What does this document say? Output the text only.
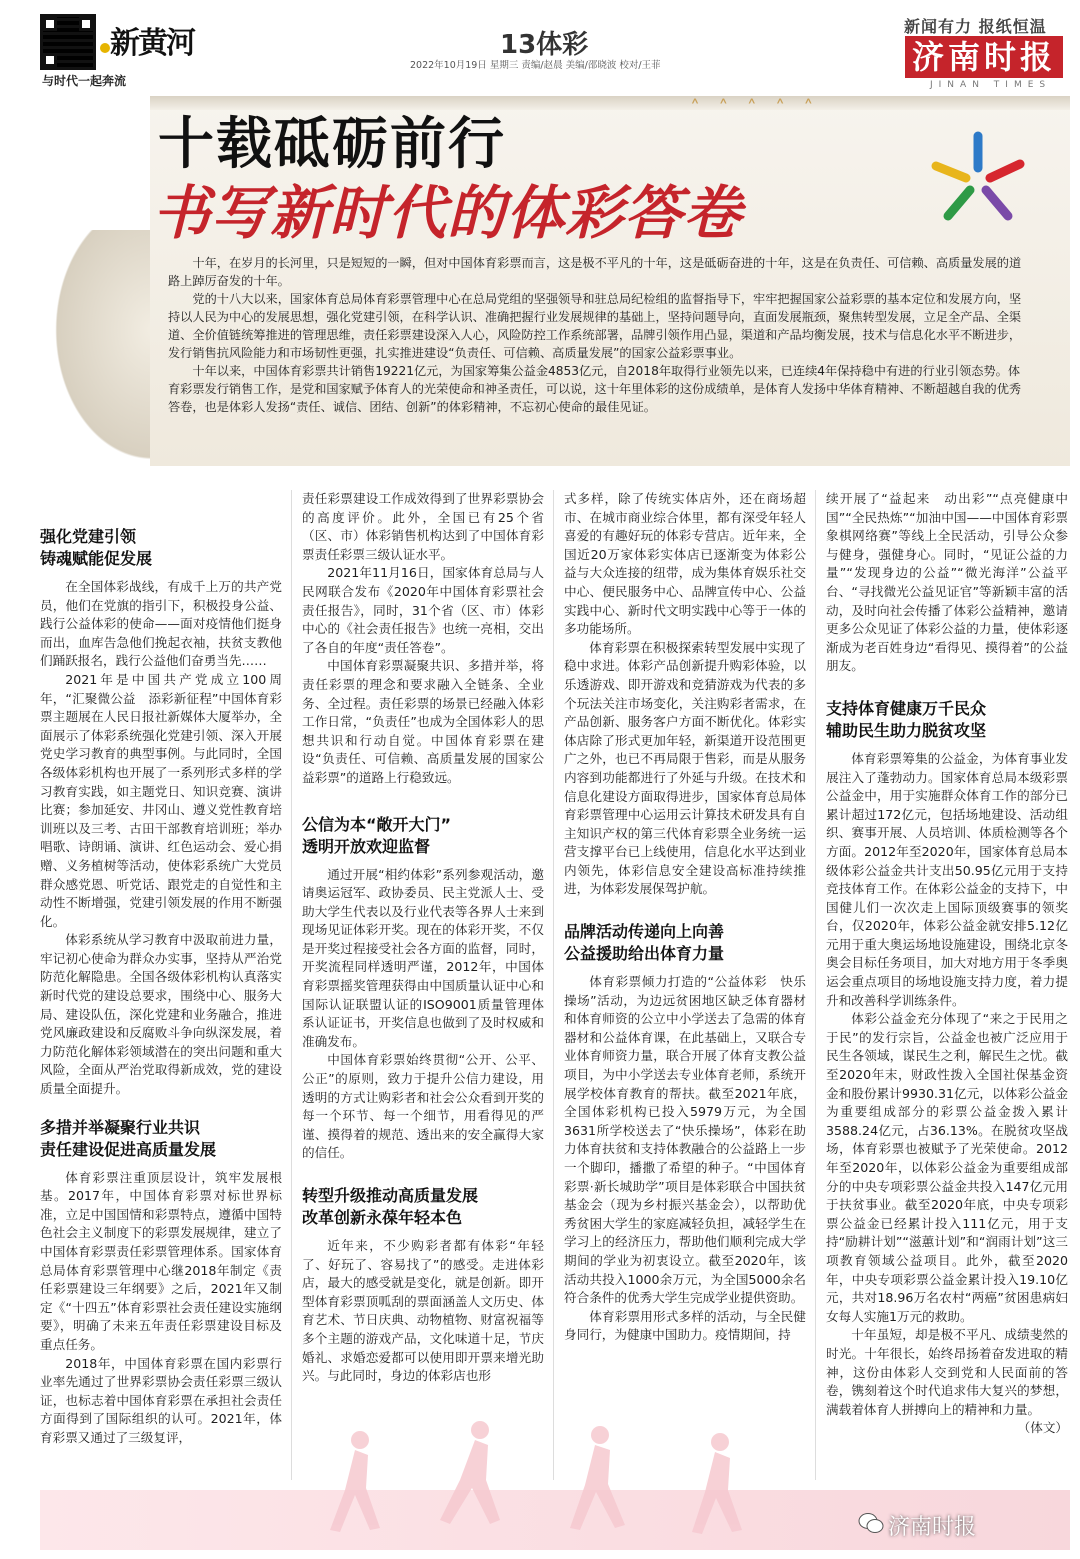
新黄河
与时代一起奔流
13体彩
2022年10月19日 星期三 责编/赵晨 美编/邵晓波 校对/王菲
新闻有力 报纸恒温
济南时报
JINAN TIMES
˄ ˄ ˄ ˄ ˄
十载砥砺前行
书写新时代的体彩答卷

十年，在岁月的长河里，只是短短的一瞬，但对中国体育彩票而言，这是极不平凡的十年，这是砥砺奋进的十年，这是在负责任、可信赖、高质量发展的道路上踔厉奋发的十年。

党的十八大以来，国家体育总局体育彩票管理中心在总局党组的坚强领导和驻总局纪检组的监督指导下，牢牢把握国家公益彩票的基本定位和发展方向，坚持以人民为中心的发展思想，强化党建引领，在科学认识、准确把握行业发展规律的基础上，坚持问题导向，直面发展瓶颈，聚焦转型发展，立足全产品、全渠道、全价值链统筹推进的管理思维，责任彩票建设深入人心，风险防控工作系统部署，品牌引领作用凸显，渠道和产品均衡发展，技术与信息化水平不断进步，发行销售抗风险能力和市场韧性更强，扎实推进建设“负责任、可信赖、高质量发展”的国家公益彩票事业。

十年以来，中国体育彩票共计销售19221亿元，为国家筹集公益金4853亿元，自2018年取得行业领先以来，已连续4年保持稳中有进的行业引领态势。体育彩票发行销售工作，是党和国家赋予体育人的光荣使命和神圣责任，可以说，这十年里体彩的这份成绩单，是体育人发扬中华体育精神、不断超越自我的优秀答卷，也是体彩人发扬“责任、诚信、团结、创新”的体彩精神，不忘初心使命的最佳见证。

强化党建引领
铸魂赋能促发展

在全国体彩战线，有成千上万的共产党员，他们在党旗的指引下，积极投身公益、践行公益体彩的使命——面对疫情他们挺身而出，血库告急他们挽起衣袖，扶贫支教他们踊跃报名，践行公益他们奋勇当先……

2021年是中国共产党成立100周年，“汇聚微公益　添彩新征程”中国体育彩票主题展在人民日报社新媒体大厦举办，全面展示了体彩系统强化党建引领、深入开展党史学习教育的典型事例。与此同时，全国各级体彩机构也开展了一系列形式多样的学习教育实践，如主题党日、知识竞赛、演讲比赛；参加延安、井冈山、遵义党性教育培训班以及三考、古田干部教育培训班；举办唱歌、诗朗诵、演讲、红色运动会、爱心捐赠、义务植树等活动，使体彩系统广大党员群众感党恩、听党话、跟党走的自觉性和主动性不断增强，党建引领发展的作用不断强化。

体彩系统从学习教育中汲取前进力量，牢记初心使命为群众办实事，坚持从严治党防范化解隐患。全国各级体彩机构认真落实新时代党的建设总要求，围绕中心、服务大局、建设队伍，深化党建和业务融合，推进党风廉政建设和反腐败斗争向纵深发展，着力防范化解体彩领域潜在的突出问题和重大风险，全面从严治党取得新成效，党的建设质量全面提升。

多措并举凝聚行业共识
责任建设促进高质量发展

体育彩票注重顶层设计，筑牢发展根基。2017年，中国体育彩票对标世界标准，立足中国国情和彩票特点，遵循中国特色社会主义制度下的彩票发展规律，建立了中国体育彩票责任彩票管理体系。国家体育总局体育彩票管理中心继2018年制定《责任彩票建设三年纲要》之后，2021年又制定《“十四五”体育彩票社会责任建设实施纲要》，明确了未来五年责任彩票建设目标及重点任务。

2018年，中国体育彩票在国内彩票行业率先通过了世界彩票协会责任彩票三级认证，也标志着中国体育彩票在承担社会责任方面得到了国际组织的认可。2021年，体育彩票又通过了三级复评，

责任彩票建设工作成效得到了世界彩票协会的高度评价。此外，全国已有25个省（区、市）体彩销售机构达到了中国体育彩票责任彩票三级认证水平。

2021年11月16日，国家体育总局与人民网联合发布《2020年中国体育彩票社会责任报告》，同时，31个省（区、市）体彩中心的《社会责任报告》也统一亮相，交出了各自的年度“责任答卷”。

中国体育彩票凝聚共识、多措并举，将责任彩票的理念和要求融入全链条、全业务、全过程。责任彩票的场景已经融入体彩工作日常，“负责任”也成为全国体彩人的思想共识和行动自觉。中国体育彩票在建设“负责任、可信赖、高质量发展的国家公益彩票”的道路上行稳致远。

公信为本“敞开大门”
透明开放欢迎监督

通过开展“相约体彩”系列参观活动，邀请奥运冠军、政协委员、民主党派人士、受助大学生代表以及行业代表等各界人士来到现场见证体彩开奖。现在的体彩开奖，不仅是开奖过程接受社会各方面的监督，同时，开奖流程同样透明严谨，2012年，中国体育彩票摇奖管理获得由中国质量认证中心和国际认证联盟认证的ISO9001质量管理体系认证证书，开奖信息也做到了及时权威和准确发布。

中国体育彩票始终贯彻“公开、公平、公正”的原则，致力于提升公信力建设，用透明的方式让购彩者和社会公众看到开奖的每一个环节、每一个细节，用看得见的严谨、摸得着的规范、透出来的安全赢得大家的信任。

转型升级推动高质量发展
改革创新永葆年轻本色

近年来，不少购彩者都有体彩“年轻了、好玩了、容易找了”的感受。走进体彩店，最大的感受就是变化，就是创新。即开型体育彩票顶呱刮的票面涵盖人文历史、体育艺术、节日庆典、动物植物、财富祝福等多个主题的游戏产品，文化味道十足，节庆婚礼、求婚恋爱都可以使用即开票来增光助兴。与此同时，身边的体彩店也形

式多样，除了传统实体店外，还在商场超市、在城市商业综合体里，都有深受年轻人喜爱的有趣好玩的体彩专营店。近年来，全国近20万家体彩实体店已逐渐变为体彩公益与大众连接的纽带，成为集体育娱乐社交中心、便民服务中心、品牌宣传中心、公益实践中心、新时代文明实践中心等于一体的多功能场所。

体育彩票在积极探索转型发展中实现了稳中求进。体彩产品创新提升购彩体验，以乐透游戏、即开游戏和竞猜游戏为代表的多个玩法关注市场变化，关注购彩者需求，在产品创新、服务客户方面不断优化。体彩实体店除了形式更加年轻，新渠道开设范围更广之外，也已不再局限于售彩，而是从服务内容到功能都进行了外延与升级。在技术和信息化建设方面取得进步，国家体育总局体育彩票管理中心运用云计算技术研发具有自主知识产权的第三代体育彩票全业务统一运营支撑平台已上线使用，信息化水平达到业内领先，体彩信息安全建设高标准持续推进，为体彩发展保驾护航。

品牌活动传递向上向善
公益援助给出体育力量

体育彩票倾力打造的“公益体彩　快乐操场”活动，为边远贫困地区缺乏体育器材和体育师资的公立中小学送去了急需的体育器材和公益体育课，在此基础上，又联合专业体育师资力量，联合开展了体育支教公益项目，为中小学送去专业体育老师，系统开展学校体育教育的帮扶。截至2021年底，全国体彩机构已投入5979万元，为全国3631所学校送去了“快乐操场”，体彩在助力体育扶贫和支持体教融合的公益路上一步一个脚印，播撒了希望的种子。“中国体育彩票·新长城助学”项目是体彩联合中国扶贫基金会（现为乡村振兴基金会），以帮助优秀贫困大学生的家庭减轻负担，减轻学生在学习上的经济压力，帮助他们顺利完成大学期间的学业为初衷设立。截至2020年，该活动共投入1000余万元，为全国5000余名符合条件的优秀大学生完成学业提供资助。

体育彩票用形式多样的活动，与全民健身同行，为健康中国助力。疫情期间，持

续开展了“益起来　动出彩”“点亮健康中国”“全民热炼”“加油中国——中国体育彩票象棋网络赛”等线上全民活动，引导公众参与健身，强健身心。同时，“见证公益的力量”“发现身边的公益”“微光海洋”公益平台、“寻找微光公益见证官”等新颖丰富的活动，及时向社会传播了体彩公益精神，邀请更多公众见证了体彩公益的力量，使体彩逐渐成为老百姓身边“看得见、摸得着”的公益朋友。

支持体育健康万千民众
辅助民生助力脱贫攻坚

体育彩票筹集的公益金，为体育事业发展注入了蓬勃动力。国家体育总局本级彩票公益金中，用于实施群众体育工作的部分已累计超过172亿元，包括场地建设、活动组织、赛事开展、人员培训、体质检测等各个方面。2012年至2020年，国家体育总局本级体彩公益金共计支出50.95亿元用于支持竞技体育工作。在体彩公益金的支持下，中国健儿们一次次走上国际顶级赛事的领奖台，仅2020年，体彩公益金就安排5.12亿元用于重大奥运场地设施建设，围绕北京冬奥会目标任务项目，加大对地方用于冬季奥运会重点项目的场地设施支持力度，着力提升和改善科学训练条件。

体彩公益金充分体现了“来之于民用之于民”的发行宗旨，公益金也被广泛应用于民生各领域，谋民生之利，解民生之忧。截至2020年末，财政性拨入全国社保基金资金和股份累计9930.31亿元，以体彩公益金为重要组成部分的彩票公益金拨入累计3588.24亿元，占36.13%。在脱贫攻坚战场，体育彩票也被赋予了光荣使命。2012年至2020年，以体彩公益金为重要组成部分的中央专项彩票公益金共投入147亿元用于扶贫事业。截至2020年底，中央专项彩票公益金已经累计投入111亿元，用于支持“励耕计划”“滋蕙计划”和“润雨计划”这三项教育领域公益项目。此外，截至2020年，中央专项彩票公益金累计投入19.10亿元，共对18.96万名农村“两癌”贫困患病妇女每人实施1万元的救助。

十年虽短，却是极不平凡、成绩斐然的时光。十年很长，始终昂扬着奋发进取的精神，这份由体彩人交到党和人民面前的答卷，镌刻着这个时代追求伟大复兴的梦想，满载着体育人拼搏向上的精神和力量。

（体文）

济南时报
